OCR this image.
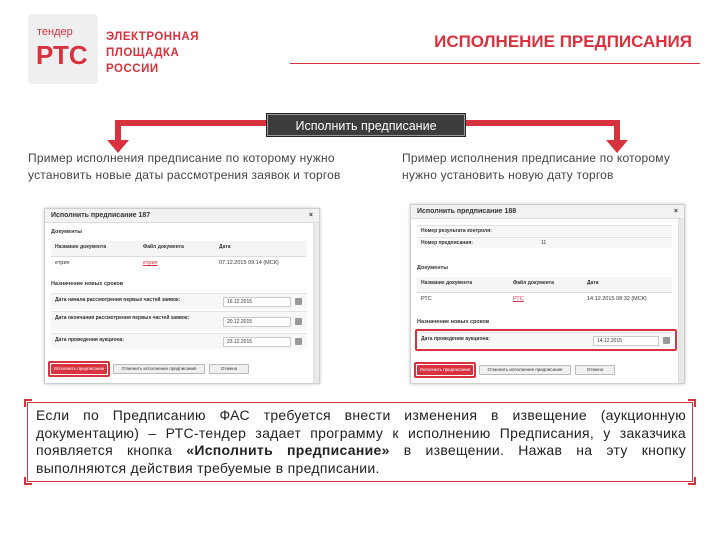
тендер
РТС
ЭЛЕКТРОННАЯ
ПЛОЩАДКА
РОССИИ
ИСПОЛНЕНИЕ ПРЕДПИСАНИЯ
Исполнить предписание
Пример исполнения предписание по которому нужно установить новые даты рассмотрения заявок и торгов
Пример исполнения предписание по которому нужно установить новую дату торгов
Исполнить предписание 187	×
Документы
Название документа	Файл документа	Дата
етрип	етрип	07.12.2015 09:14 (МСК)
Назначение новых сроков
Дата начала рассмотрения первых частей заявок:	16.12.2015
Дата окончания рассмотрения первых частей заявок:
20.12.2015
Дата проведения аукциона:	23.12.2015
Исполнить предписание	Отменить исполнение предписания	Отмена
Исполнить предписание 188	×
Номер результата контроля:
Номер предписания:	11
Документы
Название документа	Файл документа	Дата
РТС	РТС	14.12.2015 08:32 (МСК)
Назначение новых сроков
Дата проведения аукциона:	14.12.2015
Исполнить предписание	Отменить исполнение предписания	Отмена
Если по Предписанию ФАС требуется внести изменения в извещение (аукционную документацию) – РТС-тендер задает программу к исполнению Предписания, у заказчика появляется кнопка «Исполнить предписание» в извещении. Нажав на эту кнопку выполняются действия требуемые в предписании.
